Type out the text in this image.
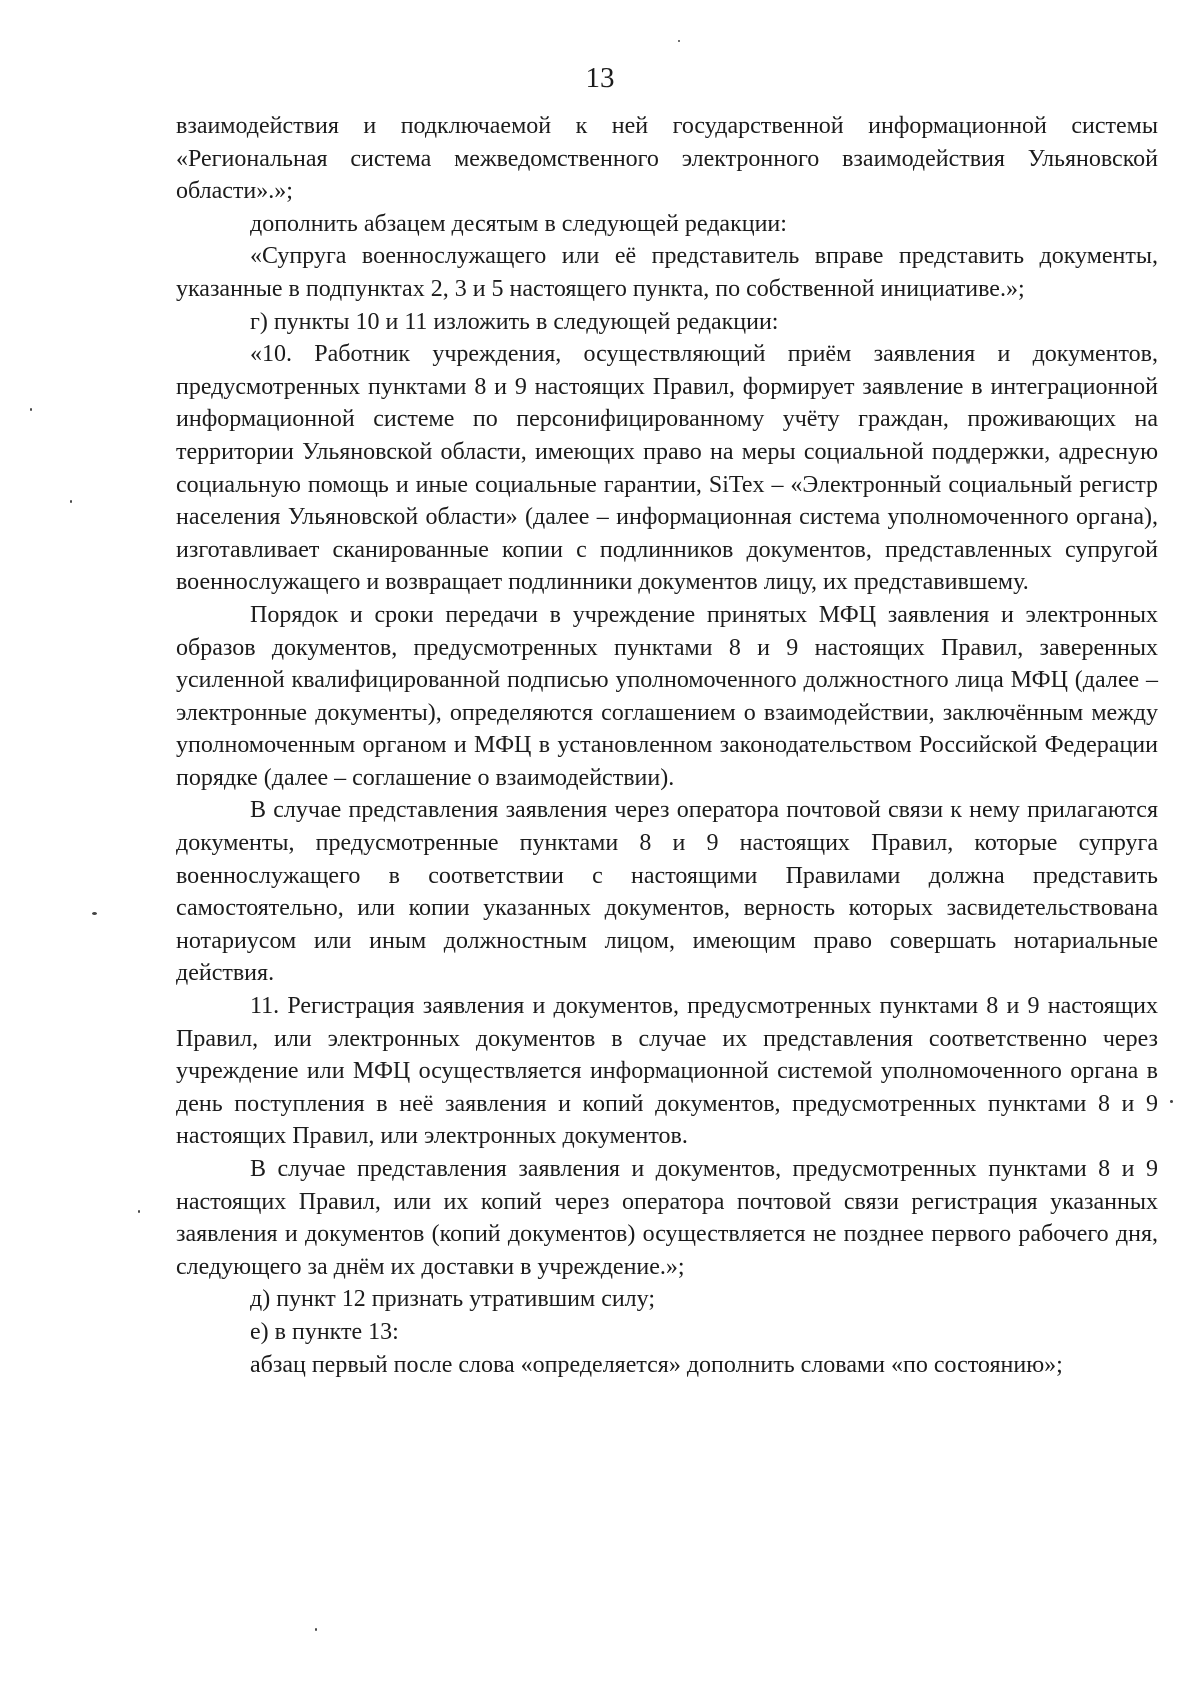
13

взаимодействия и подключаемой к ней государственной информационной системы «Региональная система межведомственного электронного взаимодействия Ульяновской области».»;

дополнить абзацем десятым в следующей редакции:

«Супруга военнослужащего или её представитель вправе представить документы, указанные в подпунктах 2, 3 и 5 настоящего пункта, по собственной инициативе.»;

г) пункты 10 и 11 изложить в следующей редакции:

«10. Работник учреждения, осуществляющий приём заявления и документов, предусмотренных пунктами 8 и 9 настоящих Правил, формирует заявление в интеграционной информационной системе по персонифицированному учёту граждан, проживающих на территории Ульяновской области, имеющих право на меры социальной поддержки, адресную социальную помощь и иные социальные гарантии, SiTex – «Электронный социальный регистр населения Ульяновской области» (далее – информационная система уполномоченного органа), изготавливает сканированные копии с подлинников документов, представленных супругой военнослужащего и возвращает подлинники документов лицу, их представившему.

Порядок и сроки передачи в учреждение принятых МФЦ заявления и электронных образов документов, предусмотренных пунктами 8 и 9 настоящих Правил, заверенных усиленной квалифицированной подписью уполномоченного должностного лица МФЦ (далее – электронные документы), определяются соглашением о взаимодействии, заключённым между уполномоченным органом и МФЦ в установленном законодательством Российской Федерации порядке (далее – соглашение о взаимодействии).

В случае представления заявления через оператора почтовой связи к нему прилагаются документы, предусмотренные пунктами 8 и 9 настоящих Правил, которые супруга военнослужащего в соответствии с настоящими Правилами должна представить самостоятельно, или копии указанных документов, верность которых засвидетельствована нотариусом или иным должностным лицом, имеющим право совершать нотариальные действия.

11. Регистрация заявления и документов, предусмотренных пунктами 8 и 9 настоящих Правил, или электронных документов в случае их представления соответственно через учреждение или МФЦ осуществляется информационной системой уполномоченного органа в день поступления в неё заявления и копий документов, предусмотренных пунктами 8 и 9 настоящих Правил, или электронных документов.

В случае представления заявления и документов, предусмотренных пунктами 8 и 9 настоящих Правил, или их копий через оператора почтовой связи регистрация указанных заявления и документов (копий документов) осуществляется не позднее первого рабочего дня, следующего за днём их доставки в учреждение.»;

д) пункт 12 признать утратившим силу;

е) в пункте 13:

абзац первый после слова «определяется» дополнить словами «по состоянию»;
